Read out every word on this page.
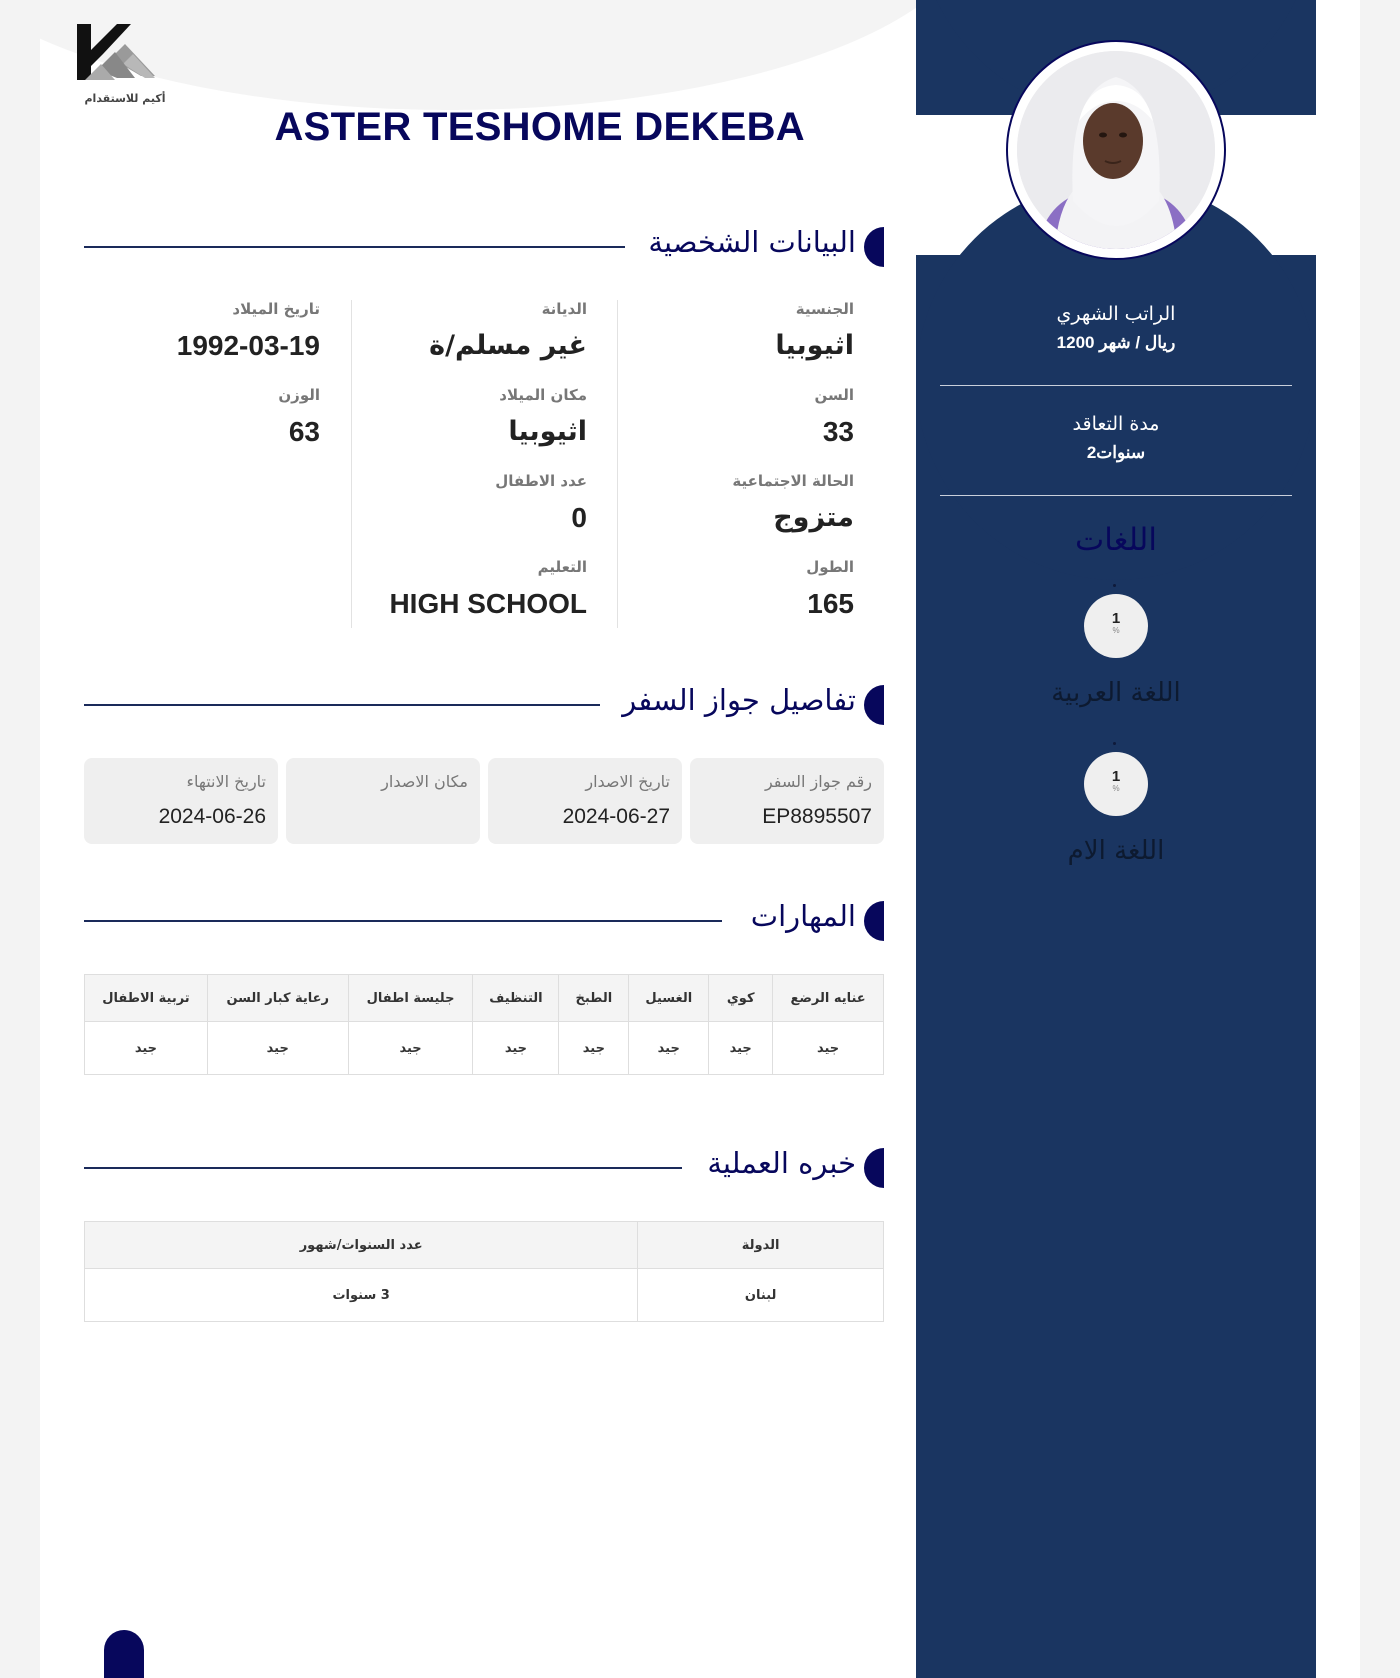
أكيم للاستقدام
ASTER TESHOME DEKEBA
البيانات الشخصية
الجنسية
اثيوبيا
السن
33
الحالة الاجتماعية
متزوج
الطول
165
الديانة
غير مسلم/ة
مكان الميلاد
اثيوبيا
عدد الاطفال
0
التعليم
HIGH SCHOOL
تاريخ الميلاد
1992-03-19
الوزن
63
تفاصيل جواز السفر
رقم جواز السفر
EP8895507
تاريخ الاصدار
2024-06-27
مكان الاصدار
تاريخ الانتهاء
2024-06-26
المهارات
عنايه الرضع	كوي	الغسيل	الطبخ	التنظيف	جليسة اطفال	رعاية كبار السن	تربية الاطفال
جيد	جيد	جيد	جيد	جيد	جيد	جيد	جيد
خبره العملية
الدولة	عدد السنوات/شهور
لبنان	3 سنوات
الراتب الشهري
1200 ريال / شهر
مدة التعاقد
2سنوات
اللغات
1
%
اللغة العربية
1
%
اللغة الام
